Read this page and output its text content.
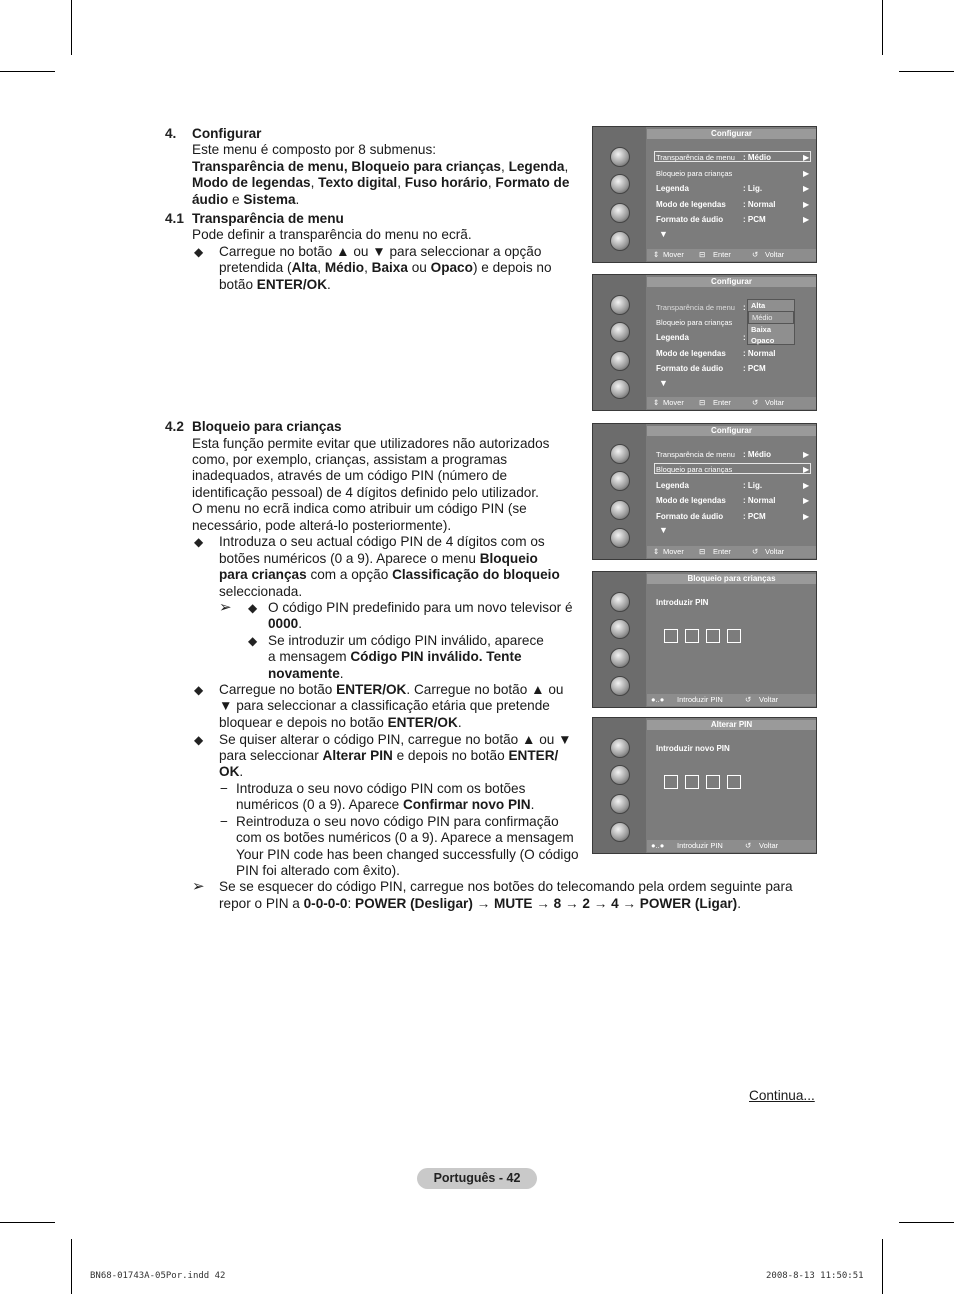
4. Configurar
Este menu é composto por 8 submenus:
Transparência de menu, Bloqueio para crianças, Legenda,
Modo de legendas, Texto digital, Fuso horário, Formato de
áudio e Sistema.
4.1 Transparência de menu
Pode definir a transparência do menu no ecrã.
◆ Carregue no botão ▲ ou ▼ para seleccionar a opção
pretendida (Alta, Médio, Baixa ou Opaco) e depois no
botão ENTER/OK.
4.2 Bloqueio para crianças
Esta função permite evitar que utilizadores não autorizados
como, por exemplo, crianças, assistam a programas
inadequados, através de um código PIN (número de
identificação pessoal) de 4 dígitos definido pelo utilizador.
O menu no ecrã indica como atribuir um código PIN (se
necessário, pode alterá-lo posteriormente).
◆ Introduza o seu actual código PIN de 4 dígitos com os
botões numéricos (0 a 9). Aparece o menu Bloqueio
para crianças com a opção Classificação do bloqueio
seleccionada.
➢ ◆ O código PIN predefinido para um novo televisor é
0000.
◆ Se introduzir um código PIN inválido, aparece
a mensagem Código PIN inválido. Tente
novamente.
◆ Carregue no botão ENTER/OK. Carregue no botão ▲ ou
▼ para seleccionar a classificação etária que pretende
bloquear e depois no botão ENTER/OK.
◆ Se quiser alterar o código PIN, carregue no botão ▲ ou ▼
para seleccionar Alterar PIN e depois no botão ENTER/
OK.
− Introduza o seu novo código PIN com os botões
numéricos (0 a 9). Aparece Confirmar novo PIN.
− Reintroduza o seu novo código PIN para confirmação
com os botões numéricos (0 a 9). Aparece a mensagem
Your PIN code has been changed successfully (O código
PIN foi alterado com êxito).
➢ Se se esquecer do código PIN, carregue nos botões do telecomando pela ordem seguinte para
repor o PIN a 0-0-0-0: POWER (Desligar) → MUTE → 8 → 2 → 4 → POWER (Ligar).
Configurar
Transparência de menu : Médio	▶
Bloqueio para crianças	▶
Legenda	: Lig.	▶
Modo de legendas : Normal	▶
Formato de áudio : PCM	▶
▼
⇕ Mover ⊟ Enter	↺ Voltar
Configurar
Transparência de menu :
Bloqueio para crianças
Legenda	:
Modo de legendas : Normal
Formato de áudio : PCM
▼
Alta
Médio
Baixa
Opaco
⇕ Mover ⊟ Enter	↺ Voltar
Configurar
Transparência de menu : Médio	▶
Bloqueio para crianças	▶
Legenda	: Lig.	▶
Modo de legendas : Normal	▶
Formato de áudio : PCM	▶
▼
⇕ Mover ⊟ Enter	↺ Voltar
Bloqueio para crianças
Introduzir PIN
●..● Introduzir PIN	↺ Voltar
Alterar PIN
Introduzir novo PIN
●..● Introduzir PIN	↺ Voltar
Continua...
Português - 42
BN68-01743A-05Por.indd 42	2008-8-13 11:50:51
